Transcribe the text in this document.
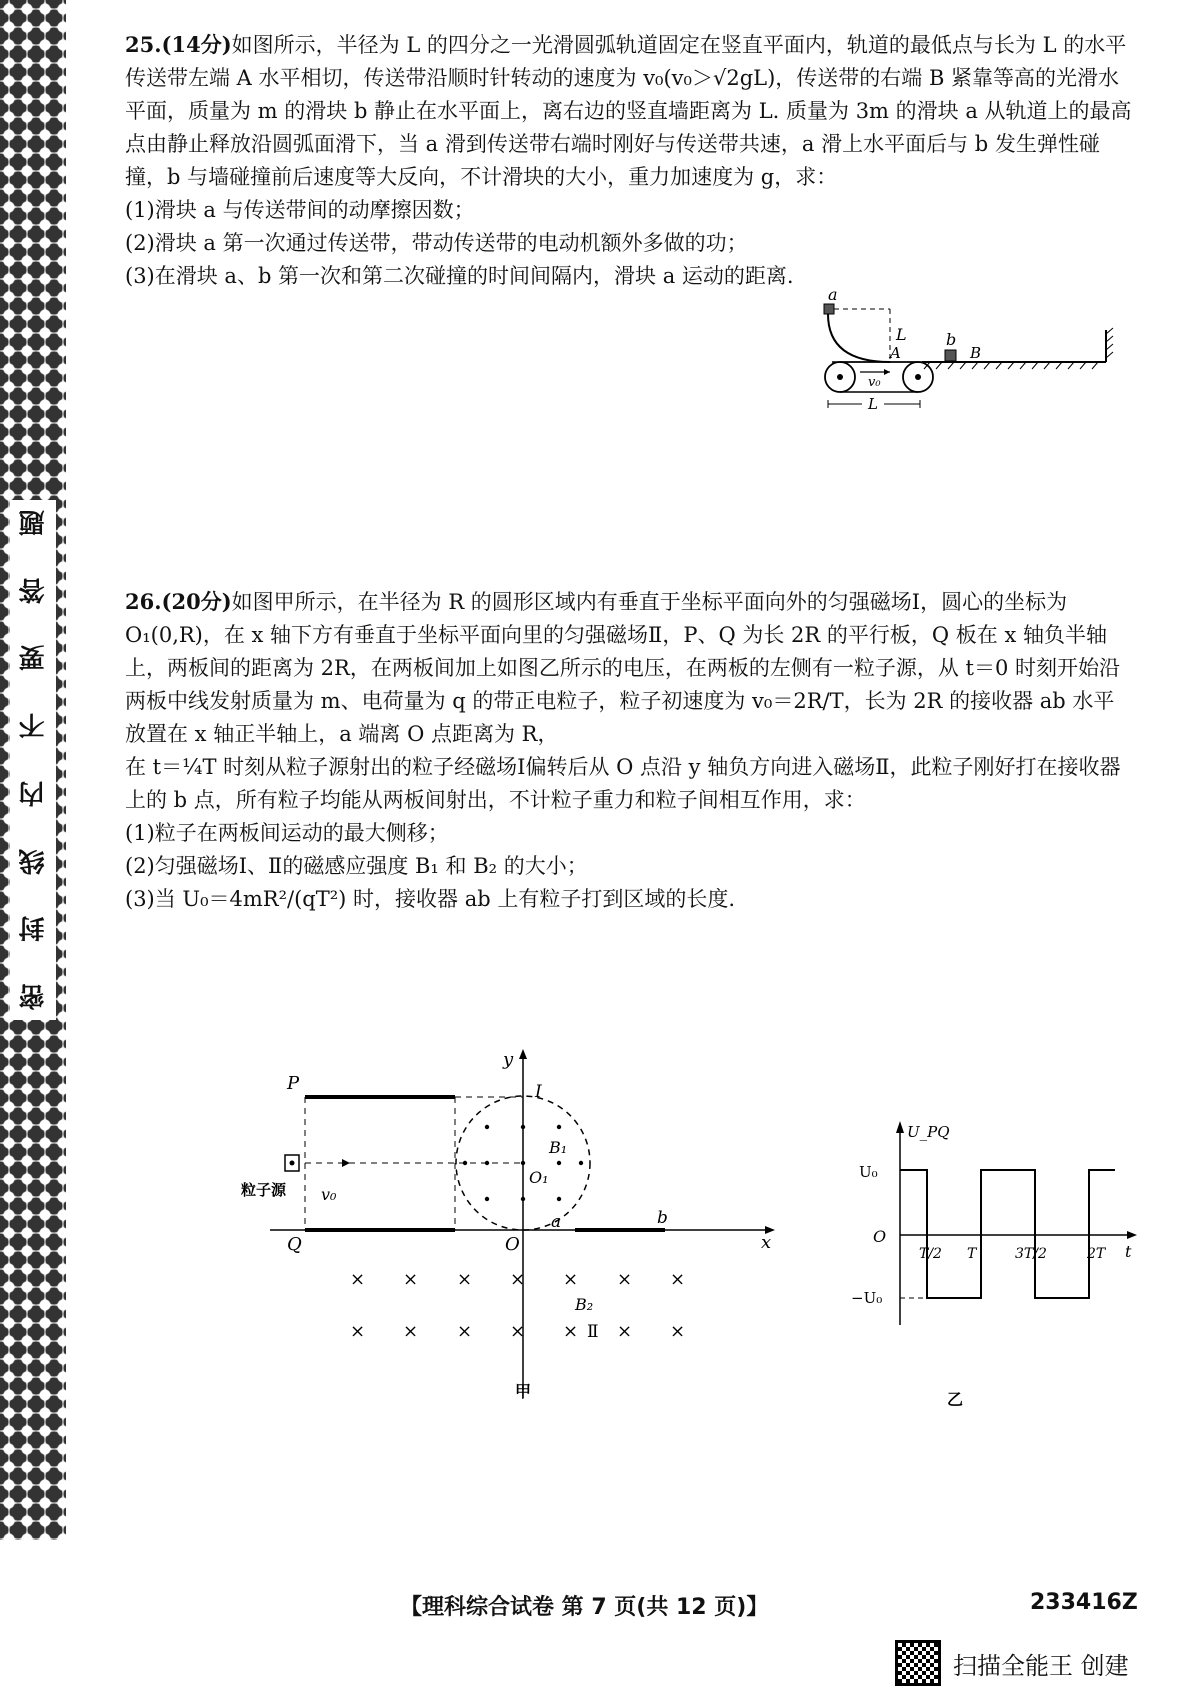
题
答
要
不
内
线
封
密

25.(14分)如图所示，半径为 L 的四分之一光滑圆弧轨道固定在竖直平面内，轨道的最低点与长为 L 的水平传送带左端 A 水平相切，传送带沿顺时针转动的速度为 v₀(v₀＞√2gL)，传送带的右端 B 紧靠等高的光滑水平面，质量为 m 的滑块 b 静止在水平面上，离右边的竖直墙距离为 L. 质量为 3m 的滑块 a 从轨道上的最高点由静止释放沿圆弧面滑下，当 a 滑到传送带右端时刚好与传送带共速，a 滑上水平面后与 b 发生弹性碰撞，b 与墙碰撞前后速度等大反向，不计滑块的大小，重力加速度为 g，求：

(1)滑块 a 与传送带间的动摩擦因数；

(2)滑块 a 第一次通过传送带，带动传送带的电动机额外多做的功；

(3)在滑块 a、b 第一次和第二次碰撞的时间间隔内，滑块 a 运动的距离.

a
L
A	B
v₀
L
b

26.(20分)如图甲所示，在半径为 R 的圆形区域内有垂直于坐标平面向外的匀强磁场Ⅰ，圆心的坐标为 O₁(0,R)，在 x 轴下方有垂直于坐标平面向里的匀强磁场Ⅱ，P、Q 为长 2R 的平行板，Q 板在 x 轴负半轴上，两板间的距离为 2R，在两板间加上如图乙所示的电压，在两板的左侧有一粒子源，从 t＝0 时刻开始沿两板中线发射质量为 m、电荷量为 q 的带正电粒子，粒子初速度为 v₀＝2R/T，长为 2R 的接收器 ab 水平放置在 x 轴正半轴上，a 端离 O 点距离为 R，

在 t＝¼T 时刻从粒子源射出的粒子经磁场Ⅰ偏转后从 O 点沿 y 轴负方向进入磁场Ⅱ，此粒子刚好打在接收器上的 b 点，所有粒子均能从两板间射出，不计粒子重力和粒子间相互作用，求：

(1)粒子在两板间运动的最大侧移；

(2)匀强磁场Ⅰ、Ⅱ的磁感应强度 B₁ 和 B₂ 的大小；

(3)当 U₀＝4mR²/(qT²) 时，接收器 ab 上有粒子打到区域的长度.

x
y
O
P
Q
粒子源 v₀
I
B₁
O₁
a	b
× × × × × × ×
× × × × × × ×
B₂
Ⅱ
甲
U_PQ
U₀
−U₀
O
t
T/2 T	3T/2	2T
乙
【理科综合试卷 第 7 页(共 12 页)】	233416Z
扫描全能王 创建
